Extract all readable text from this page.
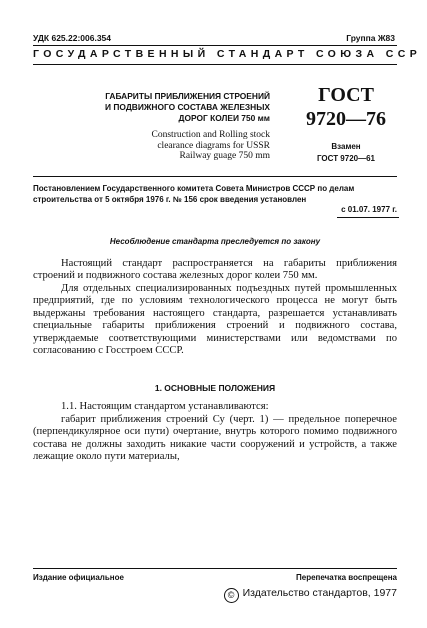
УДК 625.22:006.354	Группа Ж83
ГОСУДАРСТВЕННЫЙ СТАНДАРТ СОЮЗА ССР
ГАБАРИТЫ ПРИБЛИЖЕНИЯ СТРОЕНИЙ
И ПОДВИЖНОГО СОСТАВА ЖЕЛЕЗНЫХ
ДОРОГ КОЛЕИ 750 мм
Construction and Rolling stock
clearance diagrams for USSR
Railway guage 750 mm
ГОСТ
9720—76
Взамен
ГОСТ 9720—61
Постановлением Государственного комитета Совета Министров СССР по делам
строительства от 5 октября 1976 г. № 156 срок введения установлен
с 01.07. 1977 г.
Несоблюдение стандарта преследуется по закону
Настоящий стандарт распространяется на габариты приближения строений и подвижного состава железных дорог колеи 750 мм.
Для отдельных специализированных подъездных путей промышленных предприятий, где по условиям технологического процесса не могут быть выдержаны требования настоящего стандарта, разрешается устанавливать специальные габариты приближения строений и подвижного состава, утверждаемые соответствующими министерствами или ведомствами по согласованию с Госстроем СССР.
1. ОСНОВНЫЕ ПОЛОЖЕНИЯ
1.1. Настоящим стандартом устанавливаются:
габарит приближения строений Су (черт. 1) — предельное поперечное (перпендикулярное оси пути) очертание, внутрь которого помимо подвижного состава не должны заходить никакие части сооружений и устройств, а также лежащие около пути материалы,
Издание официальное	Перепечатка воспрещена
© Издательство стандартов, 1977
